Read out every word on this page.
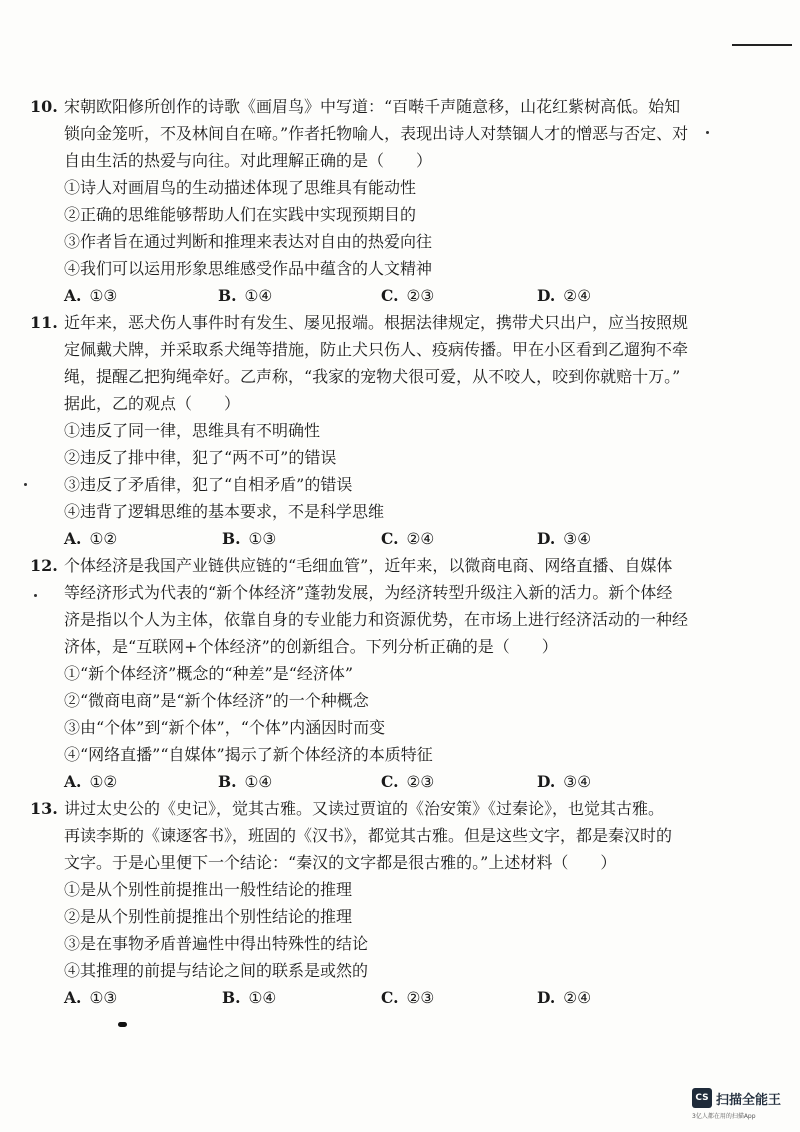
10. 宋朝欧阳修所创作的诗歌《画眉鸟》中写道：“百啭千声随意移，山花红紫树高低。始知
锁向金笼听，不及林间自在啼。”作者托物喻人，表现出诗人对禁锢人才的憎恶与否定、对
自由生活的热爱与向往。对此理解正确的是（　　）
①诗人对画眉鸟的生动描述体现了思维具有能动性
②正确的思维能够帮助人们在实践中实现预期目的
③作者旨在通过判断和推理来表达对自由的热爱向往
④我们可以运用形象思维感受作品中蕴含的人文精神
A. ①③	B. ①④	C. ②③	D. ②④
11. 近年来，恶犬伤人事件时有发生、屡见报端。根据法律规定，携带犬只出户，应当按照规
定佩戴犬牌，并采取系犬绳等措施，防止犬只伤人、疫病传播。甲在小区看到乙遛狗不牵
绳，提醒乙把狗绳牵好。乙声称，“我家的宠物犬很可爱，从不咬人，咬到你就赔十万。”
据此，乙的观点（　　）
①违反了同一律，思维具有不明确性
②违反了排中律，犯了“两不可”的错误
③违反了矛盾律，犯了“自相矛盾”的错误
④违背了逻辑思维的基本要求，不是科学思维
A. ①②	B. ①③	C. ②④	D. ③④
12. 个体经济是我国产业链供应链的“毛细血管”，近年来，以微商电商、网络直播、自媒体
等经济形式为代表的“新个体经济”蓬勃发展，为经济转型升级注入新的活力。新个体经
济是指以个人为主体，依靠自身的专业能力和资源优势，在市场上进行经济活动的一种经
济体，是“互联网+个体经济”的创新组合。下列分析正确的是（　　）
①“新个体经济”概念的“种差”是“经济体”
②“微商电商”是“新个体经济”的一个种概念
③由“个体”到“新个体”，“个体”内涵因时而变
④“网络直播”“自媒体”揭示了新个体经济的本质特征
A. ①②	B. ①④	C. ②③	D. ③④
13. 讲过太史公的《史记》，觉其古雅。又读过贾谊的《治安策》《过秦论》，也觉其古雅。
再读李斯的《谏逐客书》，班固的《汉书》，都觉其古雅。但是这些文字，都是秦汉时的
文字。于是心里便下一个结论：“秦汉的文字都是很古雅的。”上述材料（　　）
①是从个别性前提推出一般性结论的推理
②是从个别性前提推出个别性结论的推理
③是在事物矛盾普遍性中得出特殊性的结论
④其推理的前提与结论之间的联系是或然的
A. ①③	B. ①④	C. ②③	D. ②④
CS 扫描全能王
3亿人都在用的扫描App
